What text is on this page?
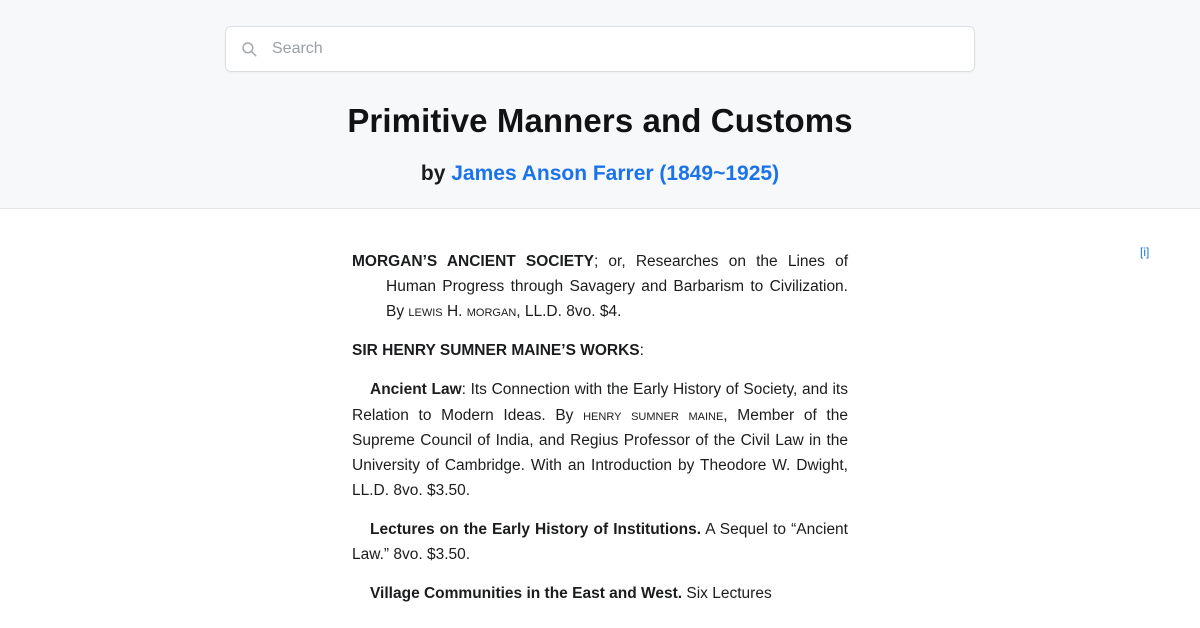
Search
Primitive Manners and Customs
by James Anson Farrer (1849~1925)
[i]

MORGAN’S ANCIENT SOCIETY; or, Researches on the Lines of Human Progress through Savagery and Barbarism to Civilization. By lewis H. morgan, LL.D. 8vo. $4.

SIR HENRY SUMNER MAINE’S WORKS:

Ancient Law: Its Connection with the Early History of Society, and its Relation to Modern Ideas. By henry sumner maine, Member of the Supreme Council of India, and Regius Professor of the Civil Law in the University of Cambridge. With an Introduction by Theodore W. Dwight, LL.D. 8vo. $3.50.

Lectures on the Early History of Institutions. A Sequel to “Ancient Law.” 8vo. $3.50.

Village Communities in the East and West. Six Lectures
